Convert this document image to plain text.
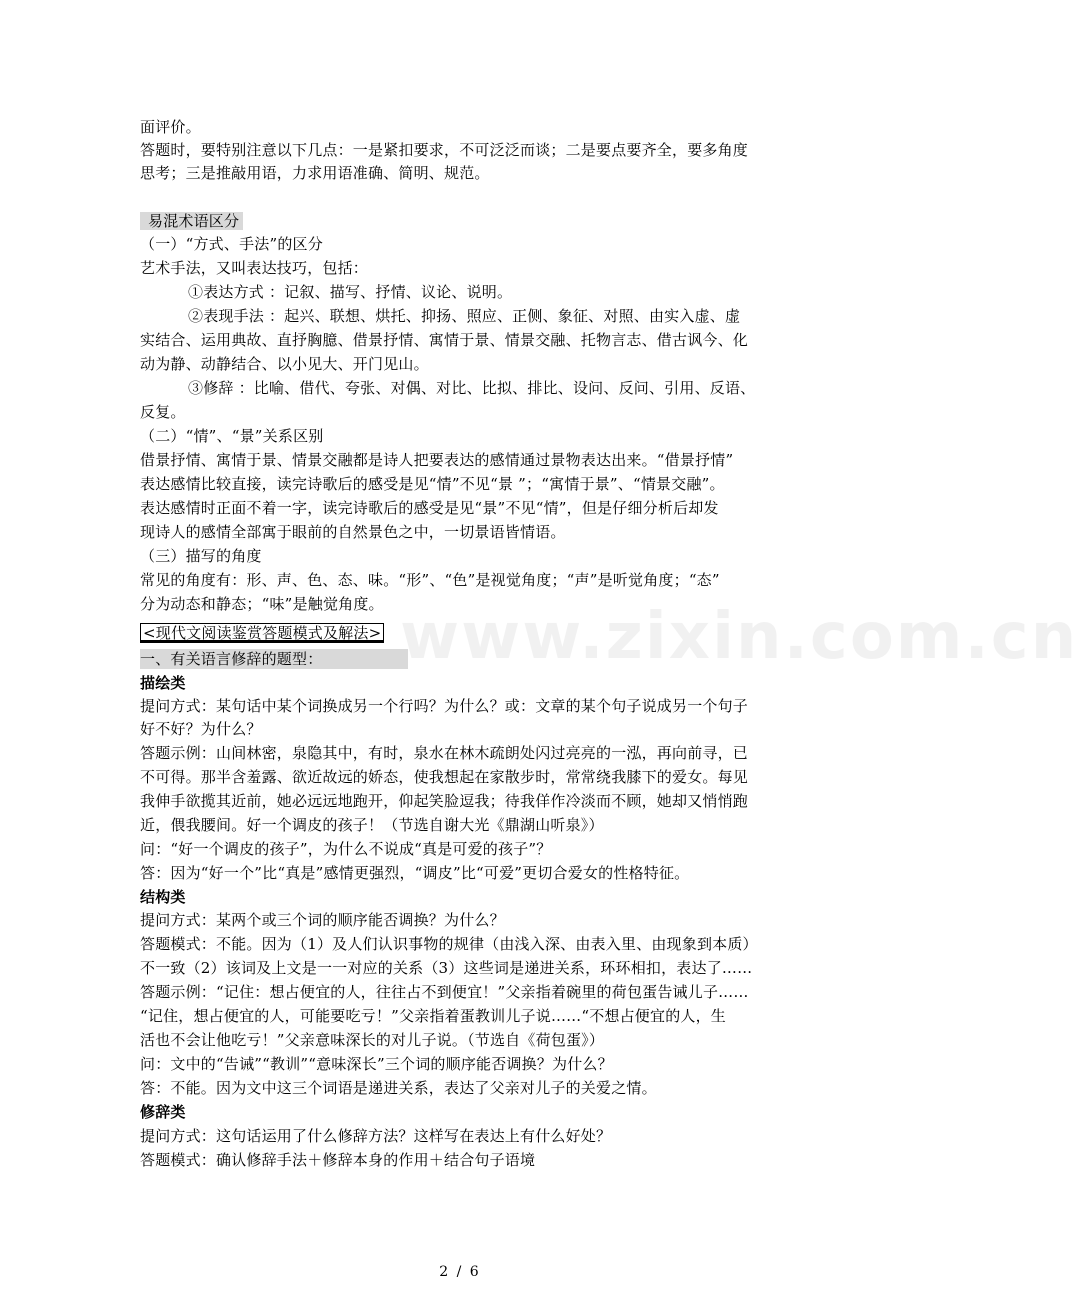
面评价。
答题时，要特别注意以下几点：一是紧扣要求，不可泛泛而谈；二是要点要齐全，要多角度
思考；三是推敲用语，力求用语准确、简明、规范。
易混术语区分
（一）“方式、手法”的区分
艺术手法，又叫表达技巧，包括：
①表达方式 ：记叙、描写、抒情、议论、说明。
②表现手法 ：起兴、联想、烘托、抑扬、照应、正侧、象征、对照、由实入虚、虚
实结合、运用典故、直抒胸臆、借景抒情、寓情于景、情景交融、托物言志、借古讽今、化
动为静、动静结合、以小见大、开门见山。
③修辞 ：比喻、借代、夸张、对偶、对比、比拟、排比、设问、反问、引用、反语、
反复。
（二）“情”、“景”关系区别
借景抒情、寓情于景、情景交融都是诗人把要表达的感情通过景物表达出来。“借景抒情”
表达感情比较直接，读完诗歌后的感受是见“情”不见“景 ”；“寓情于景”、“情景交融”。
表达感情时正面不着一字，读完诗歌后的感受是见“景”不见“情”，但是仔细分析后却发
现诗人的感情全部寓于眼前的自然景色之中，一切景语皆情语。
（三）描写的角度
常见的角度有：形、声、色、态、味。“形”、“色”是视觉角度；“声”是听觉角度；“态”
分为动态和静态；“味”是触觉角度。
<现代文阅读鉴赏答题模式及解法>
一、有关语言修辞的题型：
描绘类
提问方式：某句话中某个词换成另一个行吗？为什么？或：文章的某个句子说成另一个句子
好不好？为什么？
答题示例：山间林密，泉隐其中，有时，泉水在林木疏朗处闪过亮亮的一泓，再向前寻，已
不可得。那半含羞露、欲近故远的娇态，使我想起在家散步时，常常绕我膝下的爱女。每见
我伸手欲揽其近前，她必远远地跑开，仰起笑脸逗我；待我佯作冷淡而不顾，她却又悄悄跑
近，偎我腰间。好一个调皮的孩子！（节选自谢大光《鼎湖山听泉》）
问：“好一个调皮的孩子”，为什么不说成“真是可爱的孩子”？
答：因为“好一个”比“真是”感情更强烈，“调皮”比“可爱”更切合爱女的性格特征。
结构类
提问方式：某两个或三个词的顺序能否调换？为什么？
答题模式：不能。因为（1）及人们认识事物的规律（由浅入深、由表入里、由现象到本质）
不一致（2）该词及上文是一一对应的关系（3）这些词是递进关系，环环相扣，表达了……
答题示例：“记住：想占便宜的人，往往占不到便宜！”父亲指着碗里的荷包蛋告诫儿子……
“记住，想占便宜的人，可能要吃亏！”父亲指着蛋教训儿子说……“不想占便宜的人，生
活也不会让他吃亏！”父亲意味深长的对儿子说。（节选自《荷包蛋》）
问：文中的“告诫”“教训”“意味深长”三个词的顺序能否调换？为什么？
答：不能。因为文中这三个词语是递进关系，表达了父亲对儿子的关爱之情。
修辞类
提问方式：这句话运用了什么修辞方法？这样写在表达上有什么好处？
答题模式：确认修辞手法＋修辞本身的作用＋结合句子语境
www.zixin.com.cn
2 / 6
